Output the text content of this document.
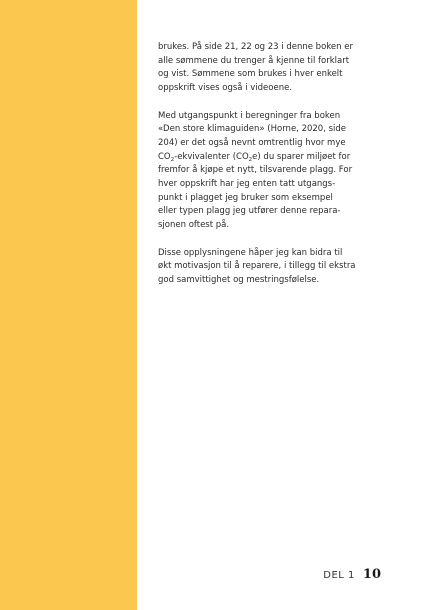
brukes. På side 21, 22 og 23 i denne boken er
alle sømmene du trenger å kjenne til forklart
og vist. Sømmene som brukes i hver enkelt
oppskrift vises også i videoene.

Med utgangspunkt i beregninger fra boken
«Den store klimaguiden» (Horne, 2020, side
204) er det også nevnt omtrentlig hvor mye
$CO_2$-ekvivalenter $(CO_2e)$ du sparer miljøet for
fremfor å kjøpe et nytt, tilsvarende plagg. For
hver oppskrift har jeg enten tatt utgangs-
punkt i plagget jeg bruker som eksempel
eller typen plagg jeg utfører denne repara-
sjonen oftest på.

Disse opplysningene håper jeg kan bidra til
økt motivasjon til å reparere, i tillegg til ekstra
god samvittighet og mestringsfølelse.

DEL 1 10
